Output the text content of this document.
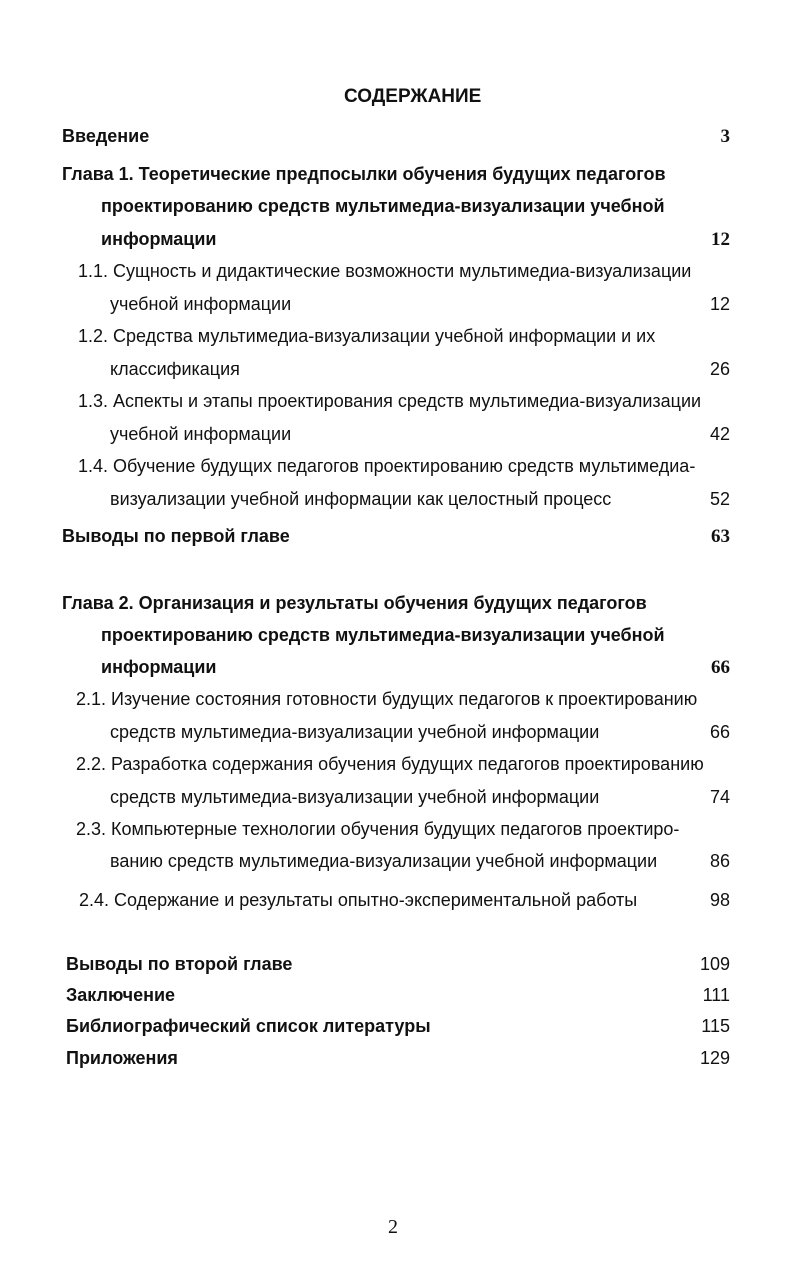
СОДЕРЖАНИЕ
Введение	3
Глава 1. Теоретические предпосылки обучения будущих педагогов
проектированию средств мультимедиа-визуализации учебной
информации	12
1.1. Сущность и дидактические возможности мультимедиа-визуализации
учебной информации	12
1.2. Средства мультимедиа-визуализации учебной информации и их
классификация	26
1.3. Аспекты и этапы проектирования средств мультимедиа-визуализации
учебной информации	42
1.4. Обучение будущих педагогов проектированию средств мультимедиа-
визуализации учебной информации как целостный процесс	52
Выводы по первой главе	63
Глава 2. Организация и результаты обучения будущих педагогов
проектированию средств мультимедиа-визуализации учебной
информации	66
2.1. Изучение состояния готовности будущих педагогов к проектированию
средств мультимедиа-визуализации учебной информации	66
2.2. Разработка содержания обучения будущих педагогов проектированию
средств мультимедиа-визуализации учебной информации	74
2.3. Компьютерные технологии обучения будущих педагогов проектиро-
ванию средств мультимедиа-визуализации учебной информации	86
2.4. Содержание и результаты опытно-экспериментальной работы	98
Выводы по второй главе	109
Заключение	111
Библиографический список литературы	115
Приложения	129
2
